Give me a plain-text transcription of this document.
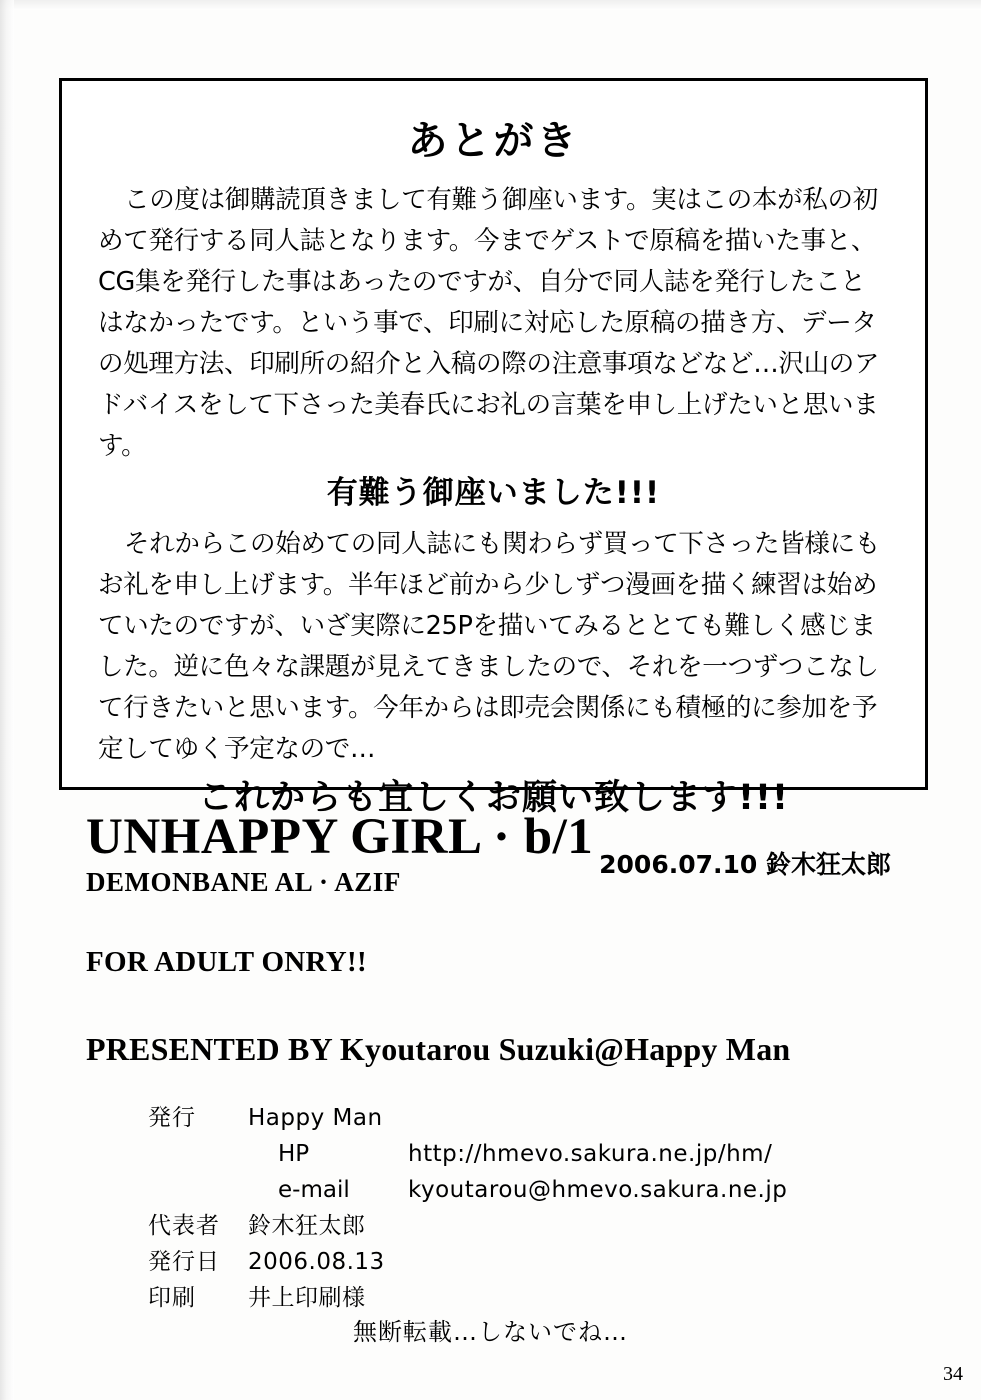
あとがき

この度は御購読頂きまして有難う御座います。実はこの本が私の初めて発行する同人誌となります。今までゲストで原稿を描いた事と、CG集を発行した事はあったのですが、自分で同人誌を発行したことはなかったです。という事で、印刷に対応した原稿の描き方、データの処理方法、印刷所の紹介と入稿の際の注意事項などなど…沢山のアドバイスをして下さった美春氏にお礼の言葉を申し上げたいと思います。

有難う御座いました!!!

それからこの始めての同人誌にも関わらず買って下さった皆様にもお礼を申し上げます。半年ほど前から少しずつ漫画を描く練習は始めていたのですが、いざ実際に25Pを描いてみるととても難しく感じました。逆に色々な課題が見えてきましたので、それを一つずつこなして行きたいと思います。今年からは即売会関係にも積極的に参加を予定してゆく予定なので…

これからも宜しくお願い致します!!!
2006.07.10 鈴木狂太郎
UNHAPPY GIRL · b/1
DEMONBANE AL · AZIF
FOR ADULT ONRY!!
PRESENTED BY Kyoutarou Suzuki@Happy Man
発行	Happy Man
HP	http://hmevo.sakura.ne.jp/hm/
e-mail	kyoutarou@hmevo.sakura.ne.jp
代表者	鈴木狂太郎
発行日	2006.08.13
印刷	井上印刷様
無断転載…しないでね…
34
